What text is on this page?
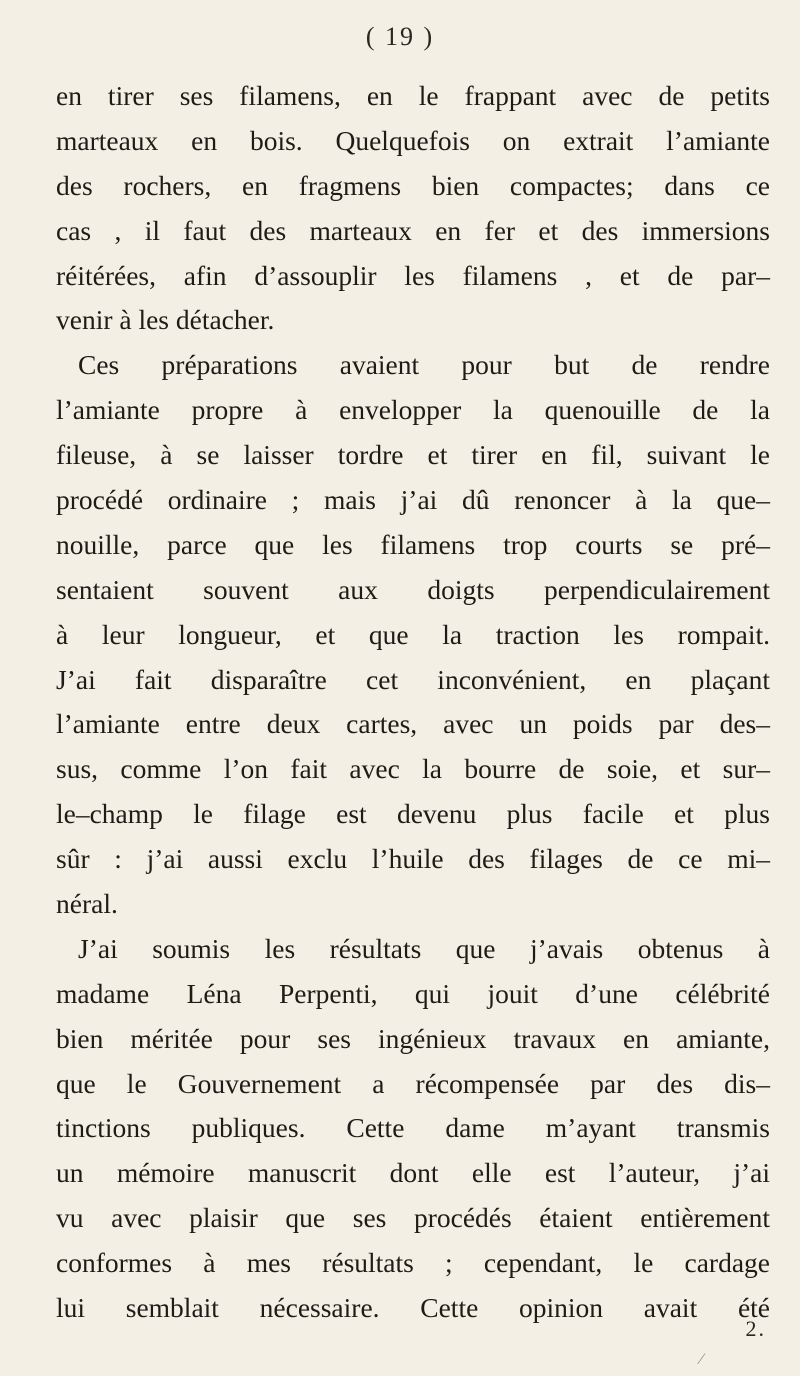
( 19 )
en tirer ses filamens, en le frappant avec de petits
marteaux en bois. Quelquefois on extrait l’amiante
des rochers, en fragmens bien compactes; dans ce
cas , il faut des marteaux en fer et des immersions
réitérées, afin d’assouplir les filamens , et de par–
venir à les détacher.
Ces préparations avaient pour but de rendre
l’amiante propre à envelopper la quenouille de la
fileuse, à se laisser tordre et tirer en fil, suivant le
procédé ordinaire ; mais j’ai dû renoncer à la que–
nouille, parce que les filamens trop courts se pré–
sentaient souvent aux doigts perpendiculairement
à leur longueur, et que la traction les rompait.
J’ai fait disparaître cet inconvénient, en plaçant
l’amiante entre deux cartes, avec un poids par des–
sus, comme l’on fait avec la bourre de soie, et sur–
le–champ le filage est devenu plus facile et plus
sûr : j’ai aussi exclu l’huile des filages de ce mi–
néral.
J’ai soumis les résultats que j’avais obtenus à
madame Léna Perpenti, qui jouit d’une célébrité
bien méritée pour ses ingénieux travaux en amiante,
que le Gouvernement a récompensée par des dis–
tinctions publiques. Cette dame m’ayant transmis
un mémoire manuscrit dont elle est l’auteur, j’ai
vu avec plaisir que ses procédés étaient entièrement
conformes à mes résultats ; cependant, le cardage
lui semblait nécessaire. Cette opinion avait été
2.
⁄
